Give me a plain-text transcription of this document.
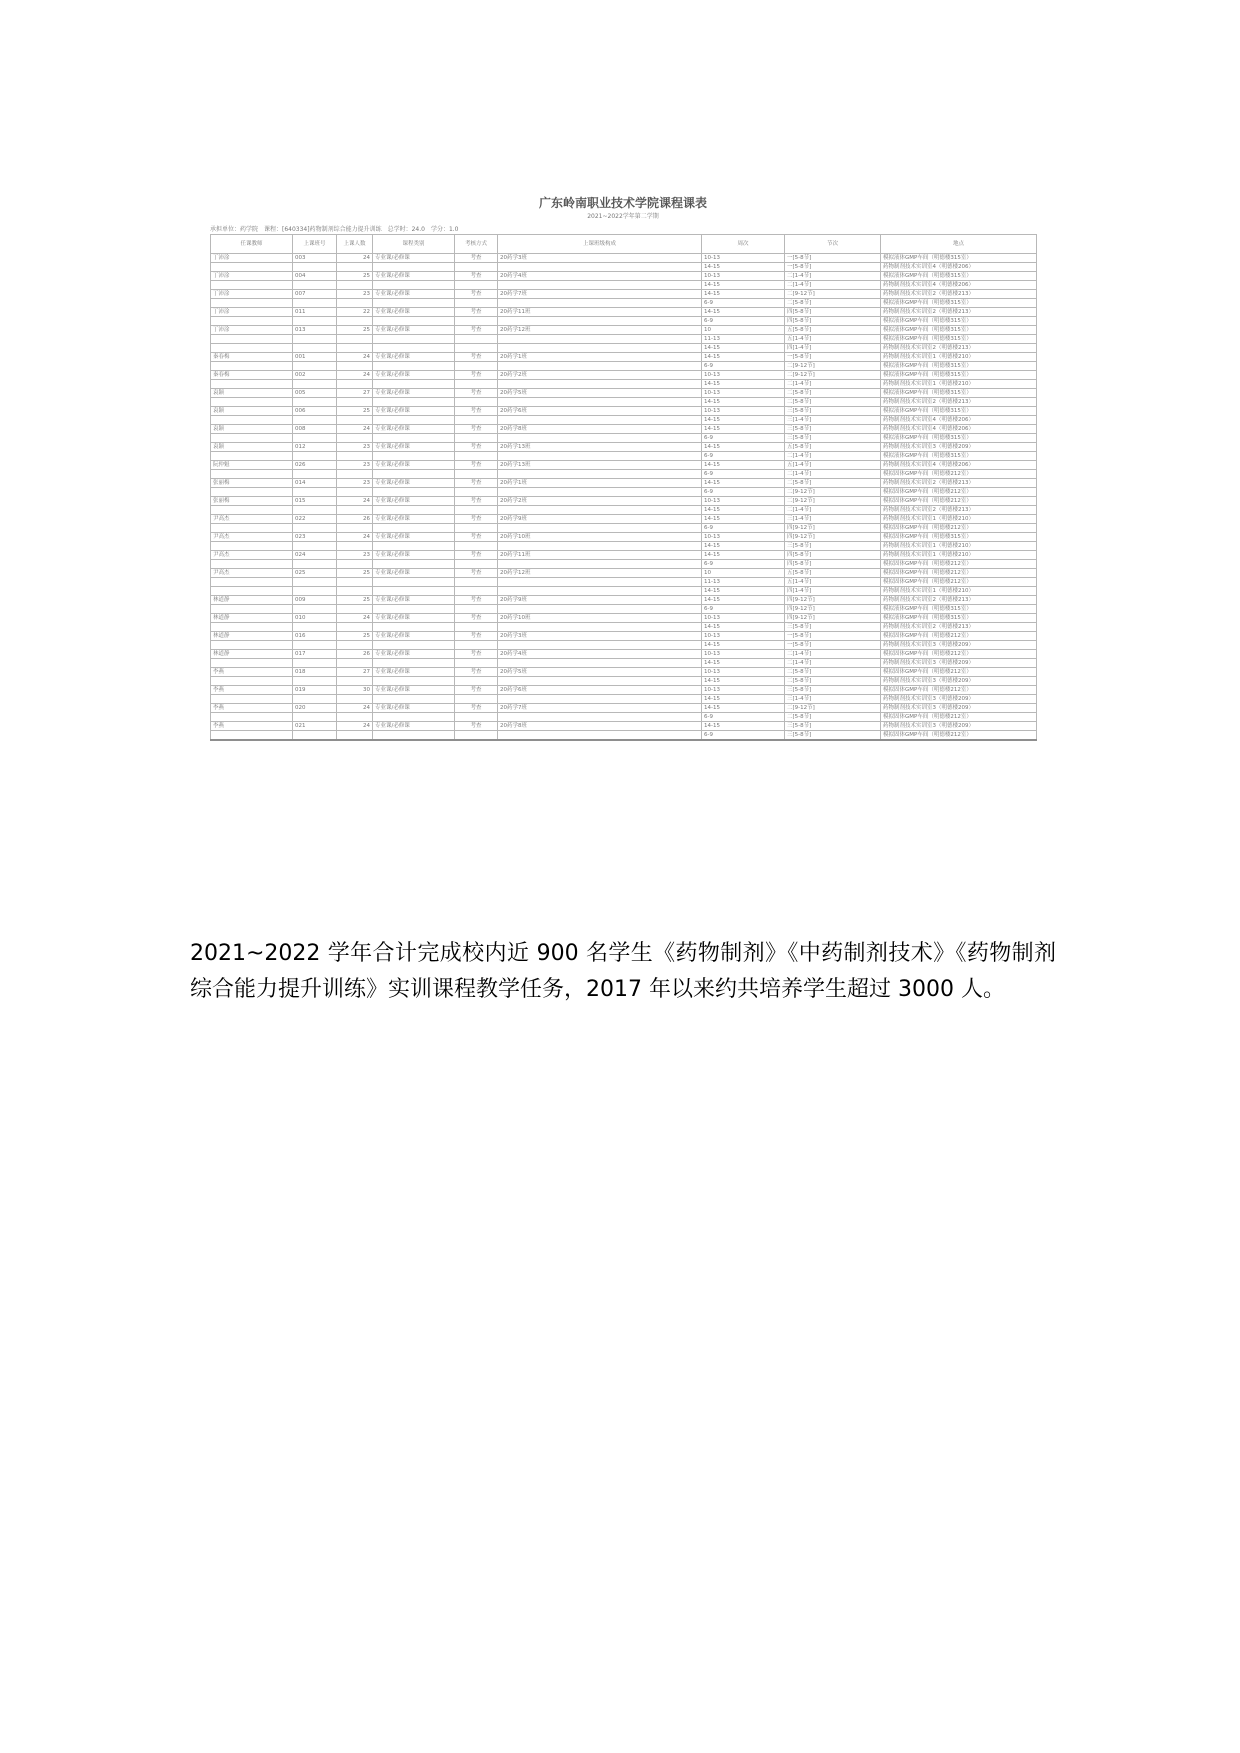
广东岭南职业技术学院课程课表
2021~2022学年第二学期
承担单位：药学院　课程：[640334]药物制剂综合能力提升训练　总学时：24.0　学分：1.0
任课教师	上课班号	上课人数	课程类别	考核方式	上课班级构成	周次	节次	地点
丁沛涂	003	24	专业课/必修课	考查	20药学3班	10-13	一[5-8节]	模拟液体GMP车间（明德楼315室）
						14-15	一[5-8节]	药物制剂技术实训室4（明德楼206）
丁沛涂	004	25	专业课/必修课	考查	20药学4班	10-13	二[1-4节]	模拟液体GMP车间（明德楼315室）
						14-15	二[1-4节]	药物制剂技术实训室4（明德楼206）
丁沛涂	007	23	专业课/必修课	考查	20药学7班	14-15	二[9-12节]	药物制剂技术实训室2（明德楼213）
						6-9	二[5-8节]	模拟液体GMP车间（明德楼315室）
丁沛涂	011	22	专业课/必修课	考查	20药学11班	14-15	四[5-8节]	药物制剂技术实训室2（明德楼213）
						6-9	四[5-8节]	模拟液体GMP车间（明德楼315室）
丁沛涂	013	25	专业课/必修课	考查	20药学12班	10	五[5-8节]	模拟液体GMP车间（明德楼315室）
						11-13	五[1-4节]	模拟液体GMP车间（明德楼315室）
						14-15	四[1-4节]	药物制剂技术实训室2（明德楼213）
秦春梅	001	24	专业课/必修课	考查	20药学1班	14-15	一[5-8节]	药物制剂技术实训室1（明德楼210）
						6-9	二[9-12节]	模拟液体GMP车间（明德楼315室）
秦春梅	002	24	专业课/必修课	考查	20药学2班	10-13	二[9-12节]	模拟液体GMP车间（明德楼315室）
						14-15	二[1-4节]	药物制剂技术实训室1（明德楼210）
袁颖	005	27	专业课/必修课	考查	20药学5班	10-13	二[5-8节]	模拟液体GMP车间（明德楼315室）
						14-15	二[5-8节]	药物制剂技术实训室2（明德楼213）
袁颖	006	25	专业课/必修课	考查	20药学6班	10-13	三[5-8节]	模拟液体GMP车间（明德楼315室）
						14-15	三[1-4节]	药物制剂技术实训室4（明德楼206）
袁颖	008	24	专业课/必修课	考查	20药学8班	14-15	三[5-8节]	药物制剂技术实训室4（明德楼206）
						6-9	三[5-8节]	模拟液体GMP车间（明德楼315室）
袁颖	012	23	专业课/必修课	考查	20药学13班	14-15	五[5-8节]	药物制剂技术实训室3（明德楼209）
						6-9	二[1-4节]	模拟液体GMP车间（明德楼315室）
阮仲魁	026	23	专业课/必修课	考查	20药学13班	14-15	五[1-4节]	药物制剂技术实训室4（明德楼206）
						6-9	二[1-4节]	模拟固体GMP车间（明德楼212室）
张丽梅	014	23	专业课/必修课	考查	20药学1班	14-15	二[5-8节]	药物制剂技术实训室2（明德楼213）
						6-9	二[9-12节]	模拟固体GMP车间（明德楼212室）
张丽梅	015	24	专业课/必修课	考查	20药学2班	10-13	二[9-12节]	模拟固体GMP车间（明德楼212室）
						14-15	二[1-4节]	药物制剂技术实训室2（明德楼213）
尹高杰	022	26	专业课/必修课	考查	20药学9班	14-15	三[1-4节]	药物制剂技术实训室1（明德楼210）
						6-9	四[9-12节]	模拟固体GMP车间（明德楼212室）
尹高杰	023	24	专业课/必修课	考查	20药学10班	10-13	四[9-12节]	模拟固体GMP车间（明德楼315室）
						14-15	三[5-8节]	药物制剂技术实训室1（明德楼210）
尹高杰	024	23	专业课/必修课	考查	20药学11班	14-15	四[5-8节]	药物制剂技术实训室1（明德楼210）
						6-9	四[5-8节]	模拟固体GMP车间（明德楼212室）
尹高杰	025	25	专业课/必修课	考查	20药学12班	10	五[5-8节]	模拟固体GMP车间（明德楼212室）
						11-13	五[1-4节]	模拟固体GMP车间（明德楼212室）
						14-15	四[1-4节]	药物制剂技术实训室1（明德楼210）
林道静	009	25	专业课/必修课	考查	20药学9班	14-15	四[9-12节]	药物制剂技术实训室2（明德楼213）
						6-9	四[9-12节]	模拟液体GMP车间（明德楼315室）
林道静	010	24	专业课/必修课	考查	20药学10班	10-13	四[9-12节]	模拟液体GMP车间（明德楼315室）
						14-15	三[5-8节]	药物制剂技术实训室2（明德楼213）
林道静	016	25	专业课/必修课	考查	20药学3班	10-13	一[5-8节]	模拟固体GMP车间（明德楼212室）
						14-15	一[5-8节]	药物制剂技术实训室3（明德楼209）
林道静	017	26	专业课/必修课	考查	20药学4班	10-13	二[1-4节]	模拟固体GMP车间（明德楼212室）
						14-15	二[1-4节]	药物制剂技术实训室3（明德楼209）
李燕	018	27	专业课/必修课	考查	20药学5班	10-13	二[5-8节]	模拟固体GMP车间（明德楼212室）
						14-15	二[5-8节]	药物制剂技术实训室3（明德楼209）
李燕	019	30	专业课/必修课	考查	20药学6班	10-13	三[5-8节]	模拟固体GMP车间（明德楼212室）
						14-15	三[1-4节]	药物制剂技术实训室3（明德楼209）
李燕	020	24	专业课/必修课	考查	20药学7班	14-15	二[9-12节]	药物制剂技术实训室3（明德楼209）
						6-9	二[5-8节]	模拟固体GMP车间（明德楼212室）
李燕	021	24	专业课/必修课	考查	20药学8班	14-15	三[5-8节]	药物制剂技术实训室3（明德楼209）
						6-9	三[5-8节]	模拟固体GMP车间（明德楼212室）
2021~2022 学年合计完成校内近 900 名学生《药物制剂》《中药制剂技术》《药物制剂综合能力提升训练》实训课程教学任务，2017 年以来约共培养学生超过 3000 人。
